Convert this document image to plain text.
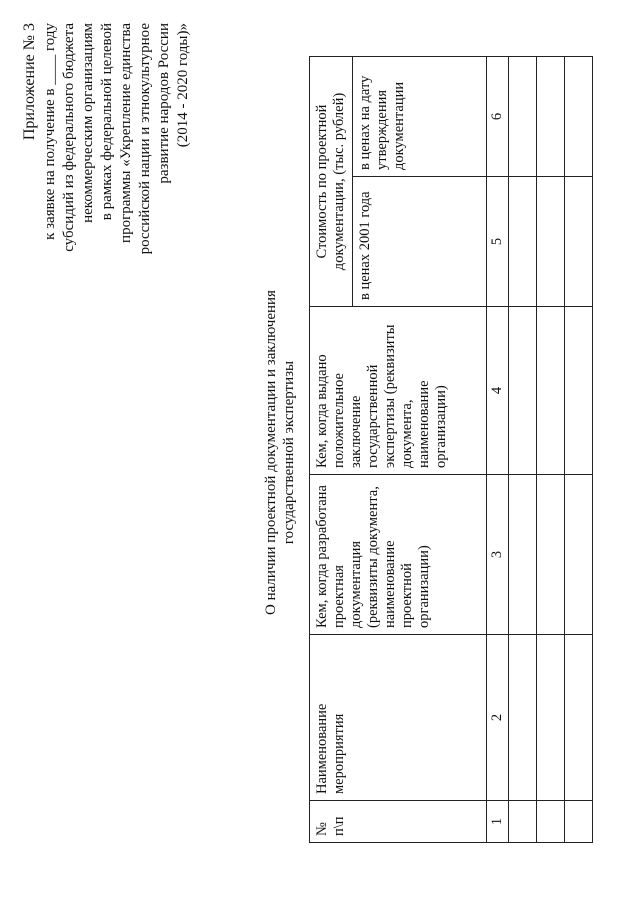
Приложение № 3 к заявке на получение в ____ году субсидий из федерального бюджета некоммерческим организациям в рамках федеральной целевой программы «Укрепление единства российской нации и этнокультурное развитие народов России (2014 - 2020 годы)»
О наличии проектной документации и заключения государственной экспертизы
№ п\п	Наименование мероприятия	Кем, когда разработана проектная документация (реквизиты документа, наименование проектной организации)	Кем, когда выдано положительное заключение государственной экспертизы (реквизиты документа, наименование организации)	Стоимость по проектной документации, (тыс. рублей)	
				в ценах 2001 года	в ценах на дату утверждения документации
1	2	3	4	5	6
